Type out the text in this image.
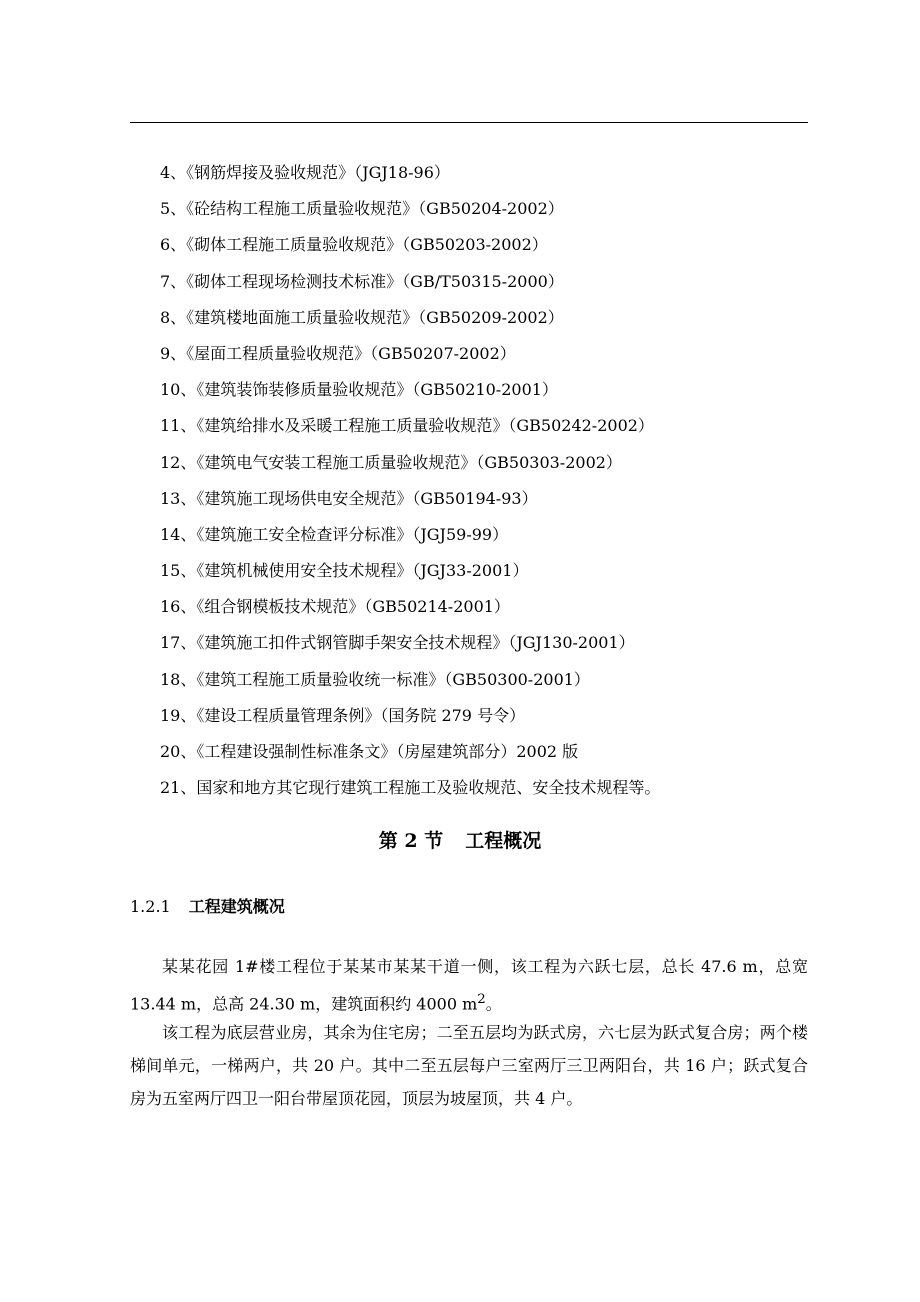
4、《钢筋焊接及验收规范》（JGJ18-96）
5、《砼结构工程施工质量验收规范》（GB50204-2002）
6、《砌体工程施工质量验收规范》（GB50203-2002）
7、《砌体工程现场检测技术标准》（GB/T50315-2000）
8、《建筑楼地面施工质量验收规范》（GB50209-2002）
9、《屋面工程质量验收规范》（GB50207-2002）
10、《建筑装饰装修质量验收规范》（GB50210-2001）
11、《建筑给排水及采暖工程施工质量验收规范》（GB50242-2002）
12、《建筑电气安装工程施工质量验收规范》（GB50303-2002）
13、《建筑施工现场供电安全规范》（GB50194-93）
14、《建筑施工安全检查评分标准》（JGJ59-99）
15、《建筑机械使用安全技术规程》（JGJ33-2001）
16、《组合钢模板技术规范》（GB50214-2001）
17、《建筑施工扣件式钢管脚手架安全技术规程》（JGJ130-2001）
18、《建筑工程施工质量验收统一标准》（GB50300-2001）
19、《建设工程质量管理条例》（国务院 279 号令）
20、《工程建设强制性标准条文》（房屋建筑部分）2002 版
21、国家和地方其它现行建筑工程施工及验收规范、安全技术规程等。
第 2 节 工程概况
1.2.1 工程建筑概况

某某花园 1#楼工程位于某某市某某干道一侧，该工程为六跃七层，总长 47.6 m，总宽 13.44 m，总高 24.30 m，建筑面积约 4000 $m^2$。

该工程为底层营业房，其余为住宅房；二至五层均为跃式房，六七层为跃式复合房；两个楼梯间单元，一梯两户，共 20 户。其中二至五层每户三室两厅三卫两阳台，共 16 户；跃式复合房为五室两厅四卫一阳台带屋顶花园，顶层为坡屋顶，共 4 户。
